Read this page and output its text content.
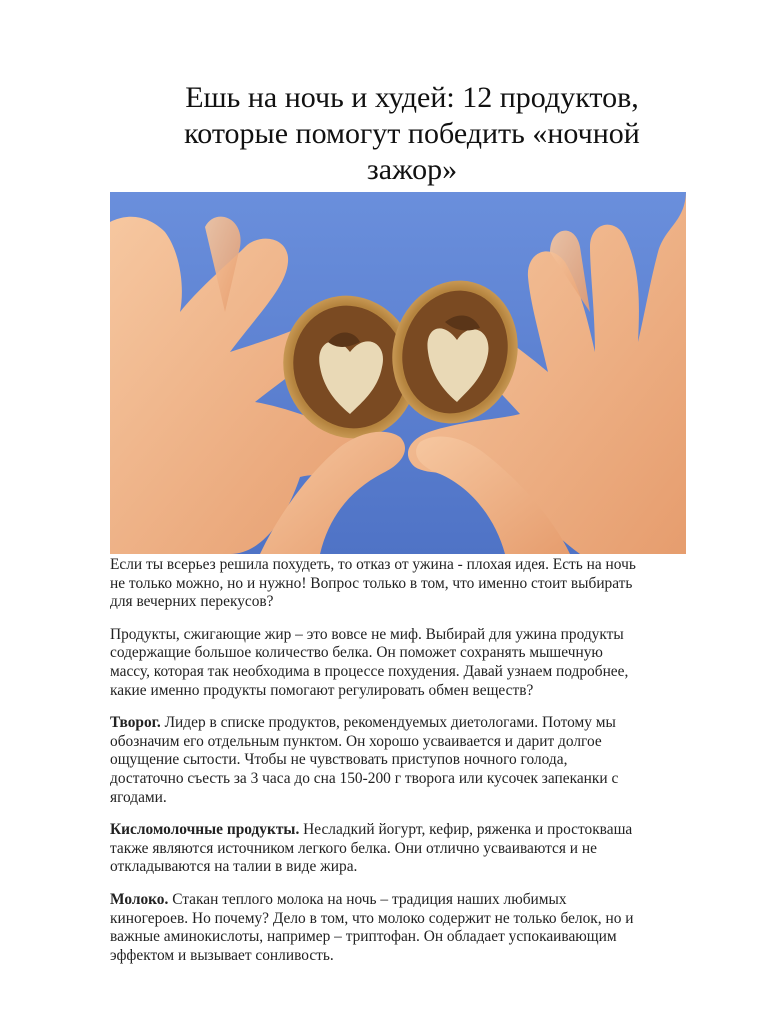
Ешь на ночь и худей: 12 продуктов,
которые помогут победить «ночной
зажор»

Если ты всерьез решила похудеть, то отказ от ужина - плохая идея. Есть на ночь
не только можно, но и нужно! Вопрос только в том, что именно стоит выбирать
для вечерних перекусов?

Продукты, сжигающие жир – это вовсе не миф. Выбирай для ужина продукты
содержащие большое количество белка. Он поможет сохранять мышечную
массу, которая так необходима в процессе похудения. Давай узнаем подробнее,
какие именно продукты помогают регулировать обмен веществ?

Творог. Лидер в списке продуктов, рекомендуемых диетологами. Потому мы
обозначим его отдельным пунктом. Он хорошо усваивается и дарит долгое
ощущение сытости. Чтобы не чувствовать приступов ночного голода,
достаточно съесть за 3 часа до сна 150-200 г творога или кусочек запеканки с
ягодами.

Кисломолочные продукты. Несладкий йогурт, кефир, ряженка и простокваша
также являются источником легкого белка. Они отлично усваиваются и не
откладываются на талии в виде жира.

Молоко. Стакан теплого молока на ночь – традиция наших любимых
киногероев. Но почему? Дело в том, что молоко содержит не только белок, но и
важные аминокислоты, например – триптофан. Он обладает успокаивающим
эффектом и вызывает сонливость.
